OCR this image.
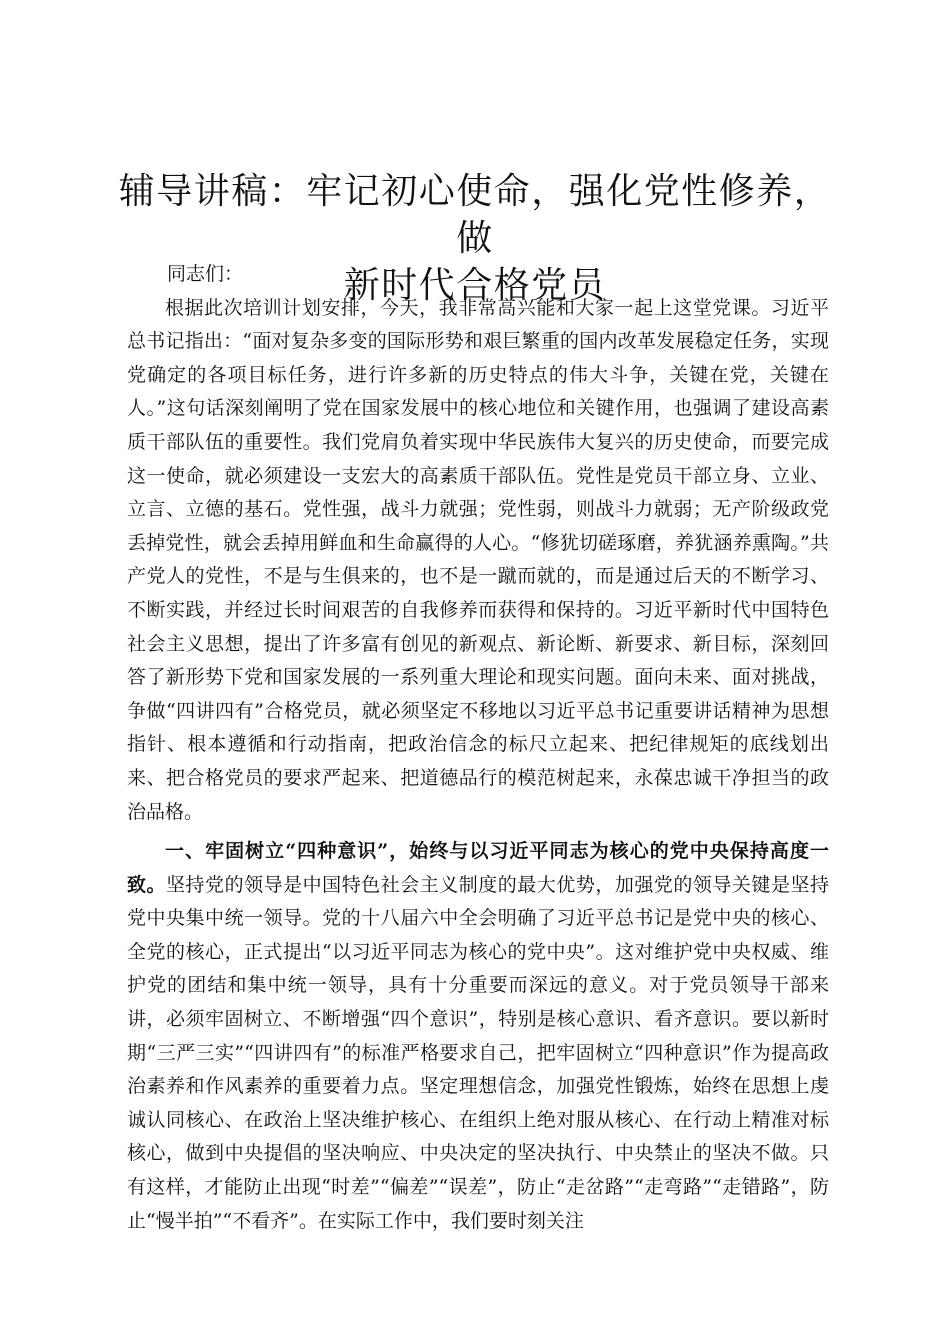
辅导讲稿：牢记初心使命，强化党性修养，做
新时代合格党员

同志们：

根据此次培训计划安排，今天，我非常高兴能和大家一起上这堂党课。习近平总书记指出：“面对复杂多变的国际形势和艰巨繁重的国内改革发展稳定任务，实现党确定的各项目标任务，进行许多新的历史特点的伟大斗争，关键在党，关键在人。”这句话深刻阐明了党在国家发展中的核心地位和关键作用，也强调了建设高素质干部队伍的重要性。我们党肩负着实现中华民族伟大复兴的历史使命，而要完成这一使命，就必须建设一支宏大的高素质干部队伍。党性是党员干部立身、立业、立言、立德的基石。党性强，战斗力就强；党性弱，则战斗力就弱；无产阶级政党丢掉党性，就会丢掉用鲜血和生命赢得的人心。“修犹切磋琢磨，养犹涵养熏陶。”共产党人的党性，不是与生俱来的，也不是一蹴而就的，而是通过后天的不断学习、不断实践，并经过长时间艰苦的自我修养而获得和保持的。习近平新时代中国特色社会主义思想，提出了许多富有创见的新观点、新论断、新要求、新目标，深刻回答了新形势下党和国家发展的一系列重大理论和现实问题。面向未来、面对挑战，争做“四讲四有”合格党员，就必须坚定不移地以习近平总书记重要讲话精神为思想指针、根本遵循和行动指南，把政治信念的标尺立起来、把纪律规矩的底线划出来、把合格党员的要求严起来、把道德品行的模范树起来，永葆忠诚干净担当的政治品格。

一、牢固树立“四种意识”，始终与以习近平同志为核心的党中央保持高度一致。坚持党的领导是中国特色社会主义制度的最大优势，加强党的领导关键是坚持党中央集中统一领导。党的十八届六中全会明确了习近平总书记是党中央的核心、全党的核心，正式提出“以习近平同志为核心的党中央”。这对维护党中央权威、维护党的团结和集中统一领导，具有十分重要而深远的意义。对于党员领导干部来讲，必须牢固树立、不断增强“四个意识”，特别是核心意识、看齐意识。要以新时期“三严三实”“四讲四有”的标准严格要求自己，把牢固树立“四种意识”作为提高政治素养和作风素养的重要着力点。坚定理想信念，加强党性锻炼，始终在思想上虔诚认同核心、在政治上坚决维护核心、在组织上绝对服从核心、在行动上精准对标核心，做到中央提倡的坚决响应、中央决定的坚决执行、中央禁止的坚决不做。只有这样，才能防止出现“时差”“偏差”“误差”，防止“走岔路”“走弯路”“走错路”，防止“慢半拍”“不看齐”。在实际工作中，我们要时刻关注
